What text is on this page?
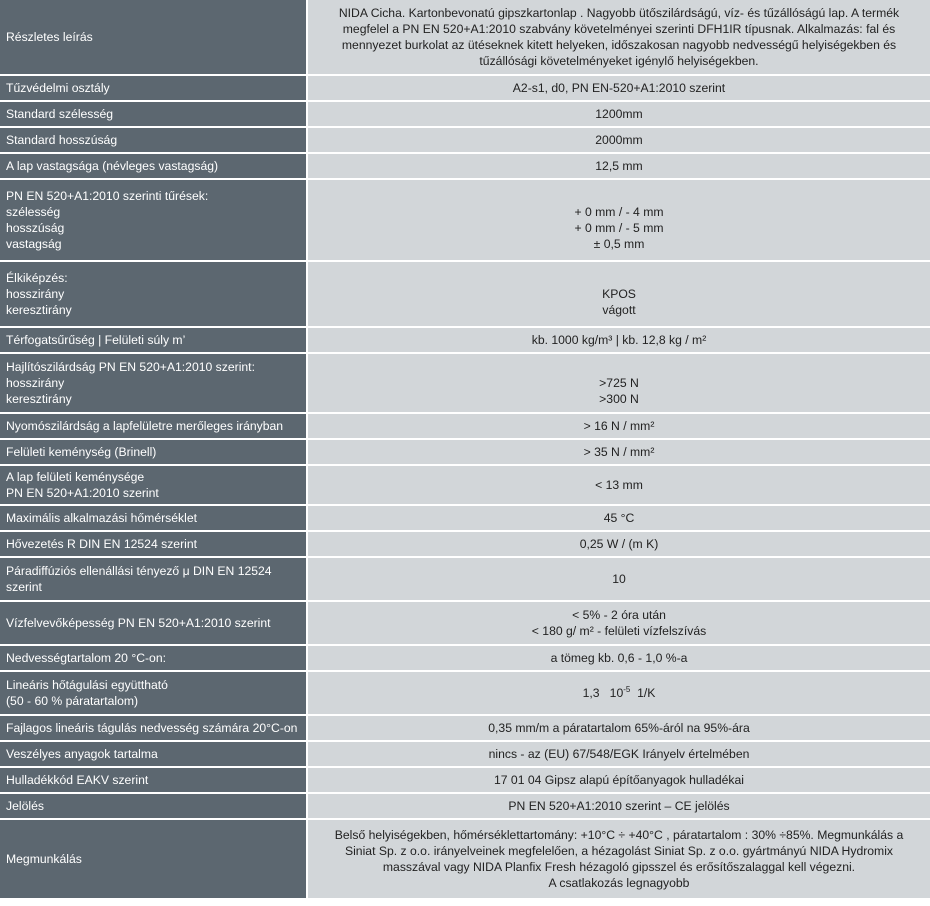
Részletes leírás	NIDA Cicha. Kartonbevonatú gipszkartonlap . Nagyobb ütőszilárdságú, víz- és tűzállóságú lap. A termék megfelel a PN EN 520+A1:2010 szabvány követelményei szerinti DFH1IR típusnak. Alkalmazás: fal és mennyezet burkolat az ütéseknek kitett helyeken, időszakosan nagyobb nedvességű helyiségekben és tűzállósági követelményeket igénylő helyiségekben.

Tűzvédelmi osztály	A2-s1, d0, PN EN-520+A1:2010 szerint

Standard szélesség	1200mm

Standard hosszúság	2000mm

A lap vastagsága (névleges vastagság)	12,5 mm

PN EN 520+A1:2010 szerinti tűrések:
szélesség
hosszúság
vastagság	+ 0 mm / - 4 mm
+ 0 mm / - 5 mm
± 0,5 mm

Élkiképzés:
hosszirány
keresztirány	KPOS
vágott

Térfogatsűrűség | Felületi súly m’	kb. 1000 kg/m³ | kb. 12,8 kg / m²

Hajlítószilárdság PN EN 520+A1:2010 szerint:
hosszirány
keresztirány	>725 N
>300 N

Nyomószilárdság a lapfelületre merőleges irányban	> 16 N / mm²

Felületi keménység (Brinell)	> 35 N / mm²

A lap felületi keménysége
PN EN 520+A1:2010 szerint	< 13 mm

Maximális alkalmazási hőmérséklet	45 °C

Hővezetés R DIN EN 12524 szerint	0,25 W / (m K)

Páradiffúziós ellenállási tényező μ DIN EN 12524
szerint	10

Vízfelvevőképesség PN EN 520+A1:2010 szerint	< 5% - 2 óra után
< 180 g/ m² - felületi vízfelszívás

Nedvességtartalom 20 °C-on:	a tömeg kb. 0,6 - 1,0 %-a

Lineáris hőtágulási együttható
(50 - 60 % páratartalom)	1,3   $10^{-5}$  1/K

Fajlagos lineáris tágulás nedvesség számára 20°C-on	0,35 mm/m a páratartalom 65%-áról na 95%-ára

Veszélyes anyagok tartalma	nincs - az (EU) 67/548/EGK Irányelv értelmében

Hulladékkód EAKV szerint	17 01 04 Gipsz alapú építőanyagok hulladékai

Jelölés	PN EN 520+A1:2010 szerint – CE jelölés

Megmunkálás	Belső helyiségekben, hőmérséklettartomány: +10°C ÷ +40°C , páratartalom : 30% ÷85%. Megmunkálás a Siniat Sp. z o.o. irányelveinek megfelelően, a hézagolást Siniat Sp. z o.o. gyártmányú NIDA Hydromix masszával vagy NIDA Planfix Fresh hézagoló gipsszel és erősítőszalaggal kell végezni.
A csatlakozás legnagyobb
